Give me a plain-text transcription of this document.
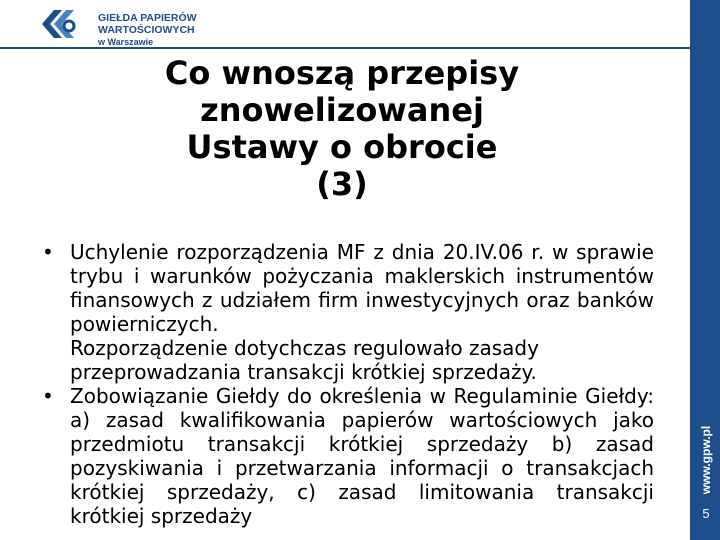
GIEŁDA PAPIERÓW
WARTOŚCIOWYCH
w Warszawie
www.gpw.pl
5
Co wnoszą przepisy
znowelizowanej
Ustawy o obrocie
(3)
• Uchylenie rozporządzenia MF z dnia 20.IV.06 r. w sprawie trybu i warunków pożyczania maklerskich instrumentów finansowych z udziałem firm inwestycyjnych oraz banków powierniczych.

Rozporządzenie dotychczas regulowało zasady przeprowadzania transakcji krótkiej sprzedaży.

• Zobowiązanie Giełdy do określenia w Regulaminie Giełdy: a) zasad kwalifikowania papierów wartościowych jako przedmiotu transakcji krótkiej sprzedaży b) zasad pozyskiwania i przetwarzania informacji o transakcjach krótkiej sprzedaży, c) zasad limitowania transakcji krótkiej sprzedaży
